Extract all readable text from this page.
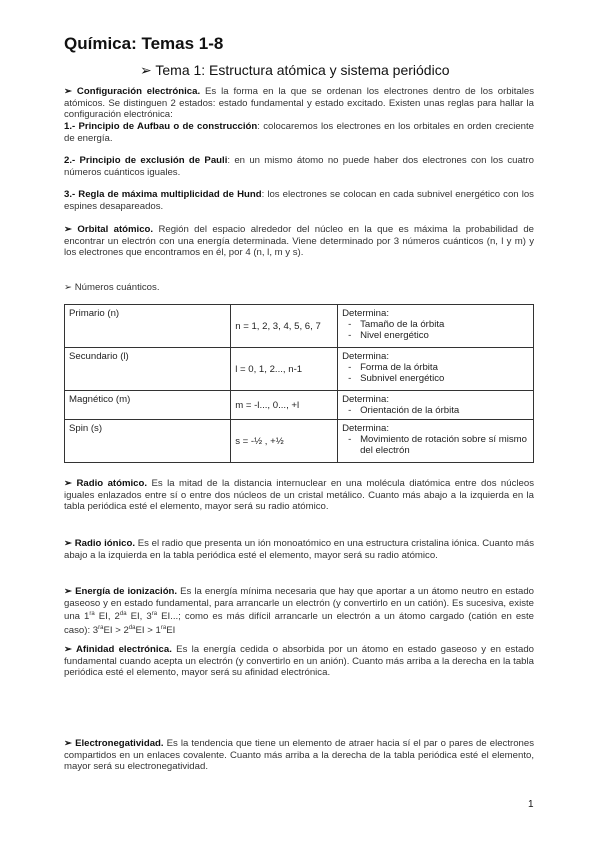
Química: Temas 1-8
➢ Tema 1: Estructura atómica y sistema periódico
➢ Configuración electrónica. Es la forma en la que se ordenan los electrones dentro de los orbitales atómicos. Se distinguen 2 estados: estado fundamental y estado excitado. Existen unas reglas para hallar la configuración electrónica:
1.- Principio de Aufbau o de construcción: colocaremos los electrones en los orbitales en orden creciente de energía.
2.- Principio de exclusión de Pauli: en un mismo átomo no puede haber dos electrones con los cuatro números cuánticos iguales.
3.- Regla de máxima multiplicidad de Hund: los electrones se colocan en cada subnivel energético con los espines desapareados.
➢ Orbital atómico. Región del espacio alrededor del núcleo en la que es máxima la probabilidad de encontrar un electrón con una energía determinada. Viene determinado por 3 números cuánticos (n, l y m) y los electrones que encontramos en él, por 4 (n, l, m y s).
➢ Números cuánticos.
Primario (n)	n = 1, 2, 3, 4, 5, 6, 7	Determina:
- Tamaño de la órbita
- Nivel energético

Secundario (l)	l = 0, 1, 2..., n-1	Determina:
- Forma de la órbita
- Subnivel energético

Magnético (m)	m = -l..., 0..., +l	Determina:
- Orientación de la órbita

Spin (s)	s = -½ , +½	Determina:
- Movimiento de rotación sobre sí mismo del electrón
➢ Radio atómico. Es la mitad de la distancia internuclear en una molécula diatómica entre dos núcleos iguales enlazados entre sí o entre dos núcleos de un cristal metálico. Cuanto más abajo a la izquierda en la tabla periódica esté el elemento, mayor será su radio atómico.
➢ Radio iónico. Es el radio que presenta un ión monoatómico en una estructura cristalina iónica. Cuanto más abajo a la izquierda en la tabla periódica esté el elemento, mayor será su radio atómico.
➢ Energía de ionización. Es la energía mínima necesaria que hay que aportar a un átomo neutro en estado gaseoso y en estado fundamental, para arrancarle un electrón (y convertirlo en un catión). Es sucesiva, existe una $1^{ra}$ EI, $2^{da}$ EI, $3^{ra}$ EI...; como es más difícil arrancarle un electrón a un átomo cargado (catión en este caso): $3^{ra}EI > 2^{da}EI > 1^{ra}EI$
➢ Afinidad electrónica. Es la energía cedida o absorbida por un átomo en estado gaseoso y en estado fundamental cuando acepta un electrón (y convertirlo en un anión). Cuanto más arriba a la derecha en la tabla periódica esté el elemento, mayor será su afinidad electrónica.
➢ Electronegatividad. Es la tendencia que tiene un elemento de atraer hacia sí el par o pares de electrones compartidos en un enlaces covalente. Cuanto más arriba a la derecha de la tabla periódica esté el elemento, mayor será su electronegatividad.
1
